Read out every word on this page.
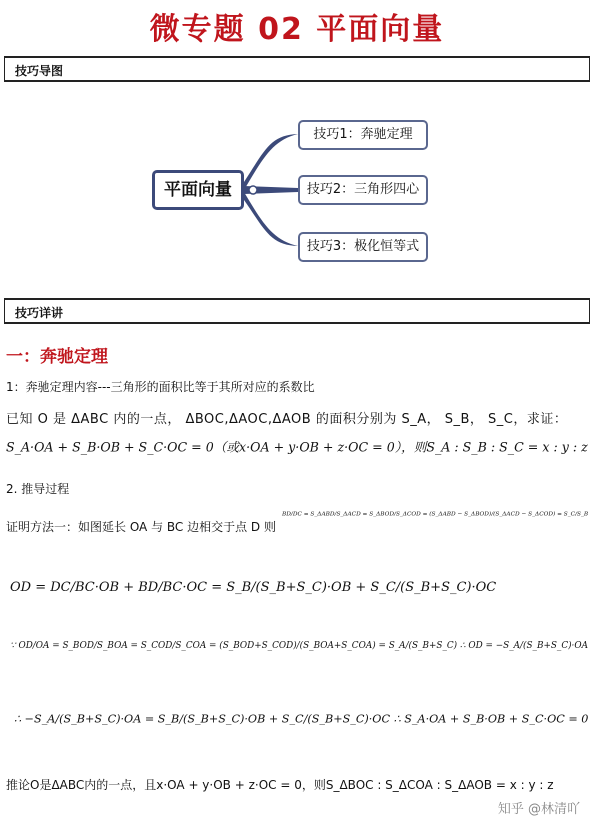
微专题 02 平面向量
技巧导图
平面向量
技巧1：奔驰定理
技巧2：三角形四心
技巧3：极化恒等式
技巧详讲
一：奔驰定理
1：奔驰定理内容---三角形的面积比等于其所对应的系数比
已知 O 是 ΔABC 内的一点， ΔBOC,ΔAOC,ΔAOB 的面积分别为 S_A， S_B， S_C，求证：
S_A·OA + S_B·OB + S_C·OC = 0（或x·OA + y·OB + z·OC = 0），则S_A : S_B : S_C = x : y : z
2. 推导过程
证明方法一：如图延长 OA 与 BC 边相交于点 D 则
BD/DC = S_ΔABD/S_ΔACD = S_ΔBOD/S_ΔCOD = (S_ΔABD − S_ΔBOD)/(S_ΔACD − S_ΔCOD) = S_C/S_B
OD = DC/BC·OB + BD/BC·OC = S_B/(S_B+S_C)·OB + S_C/(S_B+S_C)·OC
∵ OD/OA = S_BOD/S_BOA = S_COD/S_COA = (S_BOD+S_COD)/(S_BOA+S_COA) = S_A/(S_B+S_C) ∴ OD = −S_A/(S_B+S_C)·OA
∴ −S_A/(S_B+S_C)·OA = S_B/(S_B+S_C)·OB + S_C/(S_B+S_C)·OC ∴ S_A·OA + S_B·OB + S_C·OC = 0
推论O是ΔABC内的一点，且x·OA + y·OB + z·OC = 0，则S_ΔBOC : S_ΔCOA : S_ΔAOB = x : y : z
知乎 @林清吖
